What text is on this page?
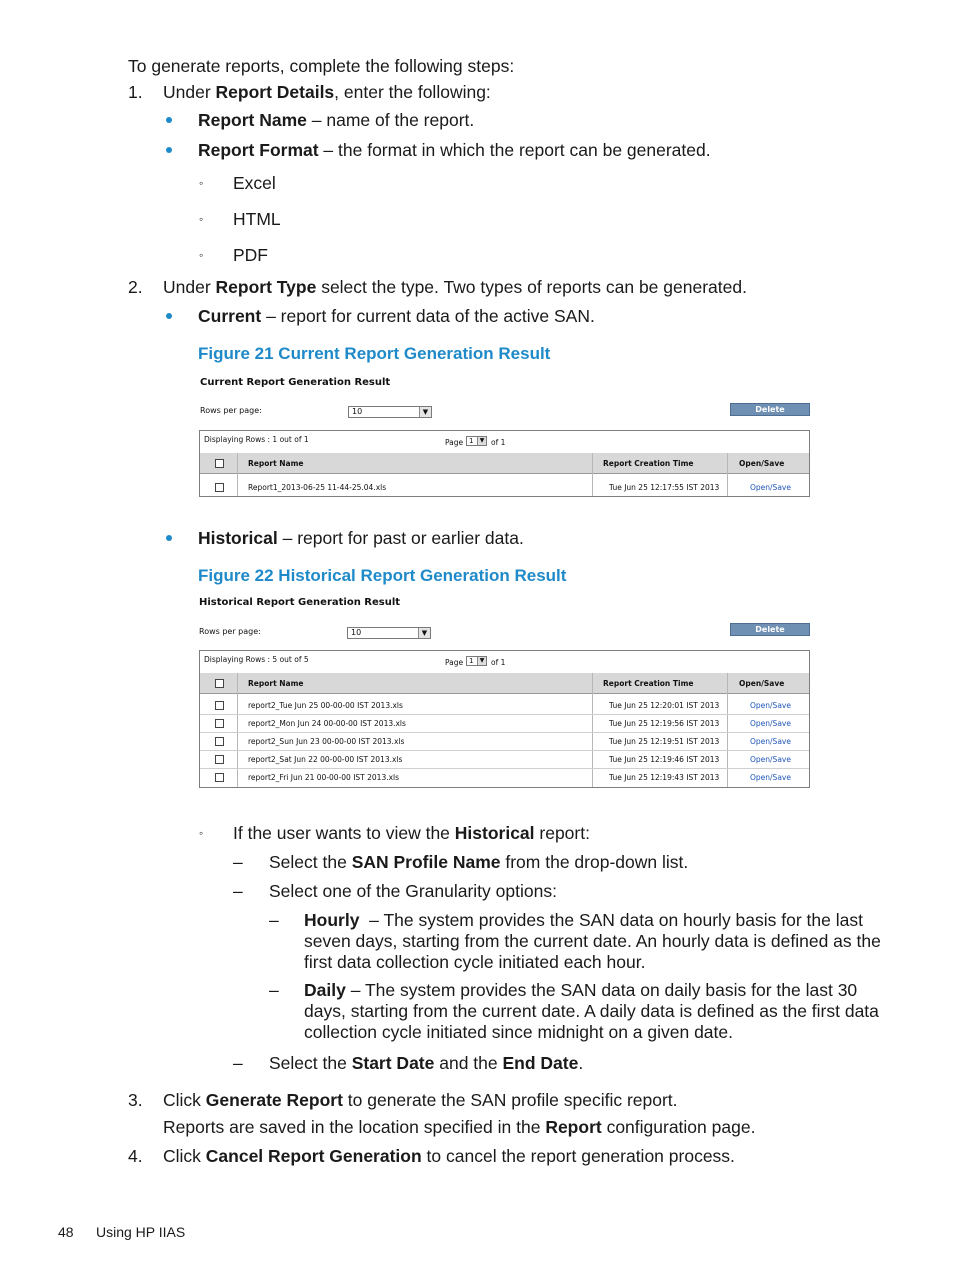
To generate reports, complete the following steps:
1. Under Report Details, enter the following:
Report Name – name of the report.
Report Format – the format in which the report can be generated.
◦ Excel
◦ HTML
◦ PDF
2. Under Report Type select the type. Two types of reports can be generated.
Current – report for current data of the active SAN.
Figure 21 Current Report Generation Result
Current Report Generation Result
Rows per page:	10	▼	Delete
Displaying Rows : 1 out of 1	Page 1	▼ of 1
Report Name	Report Creation Time	Open/Save
Report1_2013-06-25 11-44-25.04.xls	Tue Jun 25 12:17:55 IST 2013	Open/Save
Historical – report for past or earlier data.
Figure 22 Historical Report Generation Result
Historical Report Generation Result
Rows per page:	10	▼	Delete
Displaying Rows : 5 out of 5	Page 1	▼ of 1
Report Name	Report Creation Time	Open/Save
report2_Tue Jun 25 00-00-00 IST 2013.xls	Tue Jun 25 12:20:01 IST 2013	Open/Save
report2_Mon Jun 24 00-00-00 IST 2013.xls	Tue Jun 25 12:19:56 IST 2013	Open/Save
report2_Sun Jun 23 00-00-00 IST 2013.xls	Tue Jun 25 12:19:51 IST 2013	Open/Save
report2_Sat Jun 22 00-00-00 IST 2013.xls	Tue Jun 25 12:19:46 IST 2013	Open/Save
report2_Fri Jun 21 00-00-00 IST 2013.xls	Tue Jun 25 12:19:43 IST 2013	Open/Save
◦ If the user wants to view the Historical report:
– Select the SAN Profile Name from the drop-down list.
– Select one of the Granularity options:
– Hourly  – The system provides the SAN data on hourly basis for the last
seven days, starting from the current date. An hourly data is defined as the
first data collection cycle initiated each hour.
– Daily – The system provides the SAN data on daily basis for the last 30
days, starting from the current date. A daily data is defined as the first data
collection cycle initiated since midnight on a given date.
– Select the Start Date and the End Date.
3. Click Generate Report to generate the SAN profile specific report.
Reports are saved in the location specified in the Report configuration page.
4. Click Cancel Report Generation to cancel the report generation process.
48 Using HP IIAS
